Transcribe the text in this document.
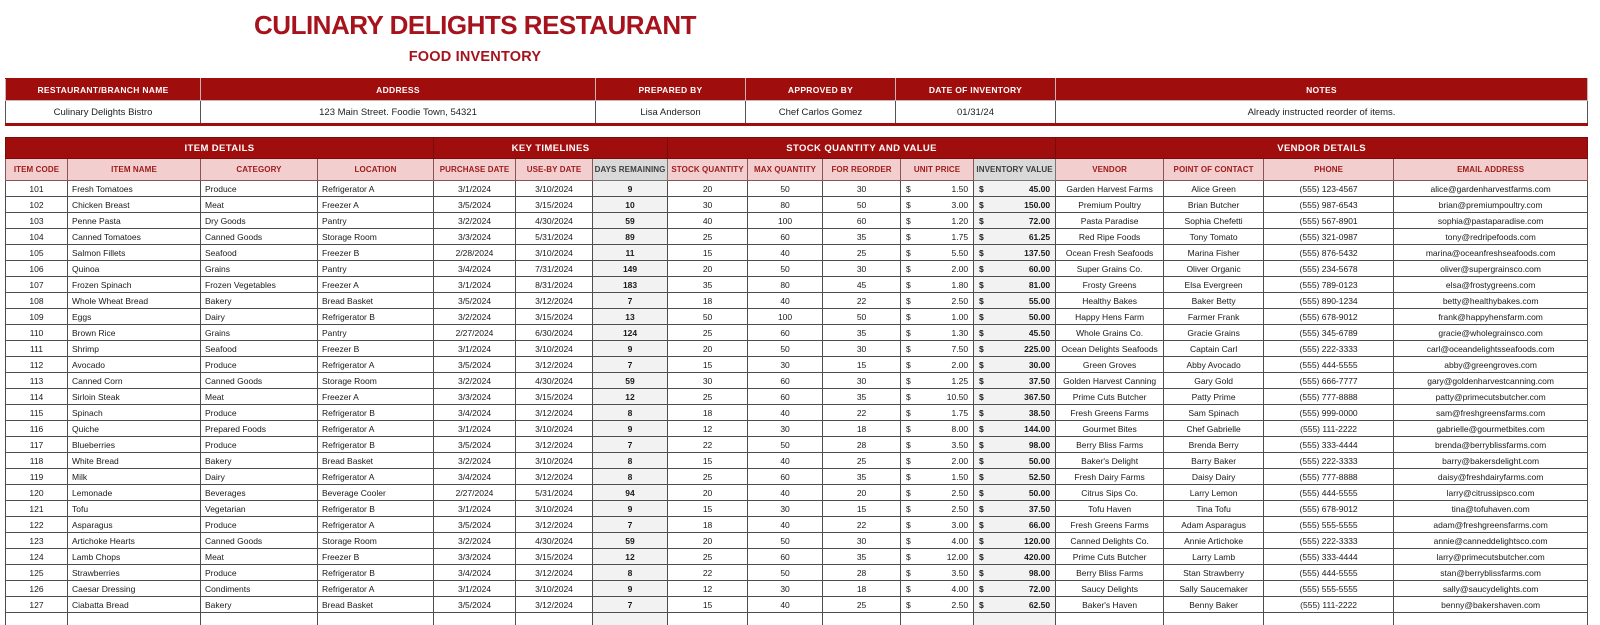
CULINARY DELIGHTS RESTAURANT
FOOD INVENTORY
RESTAURANT/BRANCH NAME	ADDRESS	PREPARED BY	APPROVED BY	DATE OF INVENTORY	NOTES
Culinary Delights Bistro	123 Main Street. Foodie Town, 54321	Lisa Anderson	Chef Carlos Gomez	01/31/24	Already instructed reorder of items.
ITEM DETAILS				KEY TIMELINES			STOCK QUANTITY AND VALUE					VENDOR DETAILS			
ITEM CODE	ITEM NAME	CATEGORY	LOCATION	PURCHASE DATE	USE-BY DATE	DAYS REMAINING	STOCK QUANTITY	MAX QUANTITY	FOR REORDER	UNIT PRICE	INVENTORY VALUE	VENDOR	POINT OF CONTACT	PHONE	EMAIL ADDRESS
101	Fresh Tomatoes	Produce	Refrigerator A	3/1/2024	3/10/2024	9	20	50	30	$ 1.50	$ 45.00	Garden Harvest Farms	Alice Green	(555) 123-4567	alice@gardenharvestfarms.com
102	Chicken Breast	Meat	Freezer A	3/5/2024	3/15/2024	10	30	80	50	$ 3.00	$ 150.00	Premium Poultry	Brian Butcher	(555) 987-6543	brian@premiumpoultry.com
103	Penne Pasta	Dry Goods	Pantry	3/2/2024	4/30/2024	59	40	100	60	$ 1.20	$ 72.00	Pasta Paradise	Sophia Chefetti	(555) 567-8901	sophia@pastaparadise.com
104	Canned Tomatoes	Canned Goods	Storage Room	3/3/2024	5/31/2024	89	25	60	35	$ 1.75	$ 61.25	Red Ripe Foods	Tony Tomato	(555) 321-0987	tony@redripefoods.com
105	Salmon Fillets	Seafood	Freezer B	2/28/2024	3/10/2024	11	15	40	25	$ 5.50	$ 137.50	Ocean Fresh Seafoods	Marina Fisher	(555) 876-5432	marina@oceanfreshseafoods.com
106	Quinoa	Grains	Pantry	3/4/2024	7/31/2024	149	20	50	30	$ 2.00	$ 60.00	Super Grains Co.	Oliver Organic	(555) 234-5678	oliver@supergrainsco.com
107	Frozen Spinach	Frozen Vegetables	Freezer A	3/1/2024	8/31/2024	183	35	80	45	$ 1.80	$ 81.00	Frosty Greens	Elsa Evergreen	(555) 789-0123	elsa@frostygreens.com
108	Whole Wheat Bread	Bakery	Bread Basket	3/5/2024	3/12/2024	7	18	40	22	$ 2.50	$ 55.00	Healthy Bakes	Baker Betty	(555) 890-1234	betty@healthybakes.com
109	Eggs	Dairy	Refrigerator B	3/2/2024	3/15/2024	13	50	100	50	$ 1.00	$ 50.00	Happy Hens Farm	Farmer Frank	(555) 678-9012	frank@happyhensfarm.com
110	Brown Rice	Grains	Pantry	2/27/2024	6/30/2024	124	25	60	35	$ 1.30	$ 45.50	Whole Grains Co.	Gracie Grains	(555) 345-6789	gracie@wholegrainsco.com
111	Shrimp	Seafood	Freezer B	3/1/2024	3/10/2024	9	20	50	30	$ 7.50	$ 225.00	Ocean Delights Seafoods	Captain Carl	(555) 222-3333	carl@oceandelightsseafoods.com
112	Avocado	Produce	Refrigerator A	3/5/2024	3/12/2024	7	15	30	15	$ 2.00	$ 30.00	Green Groves	Abby Avocado	(555) 444-5555	abby@greengroves.com
113	Canned Corn	Canned Goods	Storage Room	3/2/2024	4/30/2024	59	30	60	30	$ 1.25	$ 37.50	Golden Harvest Canning	Gary Gold	(555) 666-7777	gary@goldenharvestcanning.com
114	Sirloin Steak	Meat	Freezer A	3/3/2024	3/15/2024	12	25	60	35	$ 10.50	$ 367.50	Prime Cuts Butcher	Patty Prime	(555) 777-8888	patty@primecutsbutcher.com
115	Spinach	Produce	Refrigerator B	3/4/2024	3/12/2024	8	18	40	22	$ 1.75	$ 38.50	Fresh Greens Farms	Sam Spinach	(555) 999-0000	sam@freshgreensfarms.com
116	Quiche	Prepared Foods	Refrigerator A	3/1/2024	3/10/2024	9	12	30	18	$ 8.00	$ 144.00	Gourmet Bites	Chef Gabrielle	(555) 111-2222	gabrielle@gourmetbites.com
117	Blueberries	Produce	Refrigerator B	3/5/2024	3/12/2024	7	22	50	28	$ 3.50	$ 98.00	Berry Bliss Farms	Brenda Berry	(555) 333-4444	brenda@berryblissfarms.com
118	White Bread	Bakery	Bread Basket	3/2/2024	3/10/2024	8	15	40	25	$ 2.00	$ 50.00	Baker's Delight	Barry Baker	(555) 222-3333	barry@bakersdelight.com
119	Milk	Dairy	Refrigerator A	3/4/2024	3/12/2024	8	25	60	35	$ 1.50	$ 52.50	Fresh Dairy Farms	Daisy Dairy	(555) 777-8888	daisy@freshdairyfarms.com
120	Lemonade	Beverages	Beverage Cooler	2/27/2024	5/31/2024	94	20	40	20	$ 2.50	$ 50.00	Citrus Sips Co.	Larry Lemon	(555) 444-5555	larry@citrussipsco.com
121	Tofu	Vegetarian	Refrigerator B	3/1/2024	3/10/2024	9	15	30	15	$ 2.50	$ 37.50	Tofu Haven	Tina Tofu	(555) 678-9012	tina@tofuhaven.com
122	Asparagus	Produce	Refrigerator A	3/5/2024	3/12/2024	7	18	40	22	$ 3.00	$ 66.00	Fresh Greens Farms	Adam Asparagus	(555) 555-5555	adam@freshgreensfarms.com
123	Artichoke Hearts	Canned Goods	Storage Room	3/2/2024	4/30/2024	59	20	50	30	$ 4.00	$ 120.00	Canned Delights Co.	Annie Artichoke	(555) 222-3333	annie@canneddelightsco.com
124	Lamb Chops	Meat	Freezer B	3/3/2024	3/15/2024	12	25	60	35	$ 12.00	$ 420.00	Prime Cuts Butcher	Larry Lamb	(555) 333-4444	larry@primecutsbutcher.com
125	Strawberries	Produce	Refrigerator B	3/4/2024	3/12/2024	8	22	50	28	$ 3.50	$ 98.00	Berry Bliss Farms	Stan Strawberry	(555) 444-5555	stan@berryblissfarms.com
126	Caesar Dressing	Condiments	Refrigerator A	3/1/2024	3/10/2024	9	12	30	18	$ 4.00	$ 72.00	Saucy Delights	Sally Saucemaker	(555) 555-5555	sally@saucydelights.com
127	Ciabatta Bread	Bakery	Bread Basket	3/5/2024	3/12/2024	7	15	40	25	$ 2.50	$ 62.50	Baker's Haven	Benny Baker	(555) 111-2222	benny@bakershaven.com
